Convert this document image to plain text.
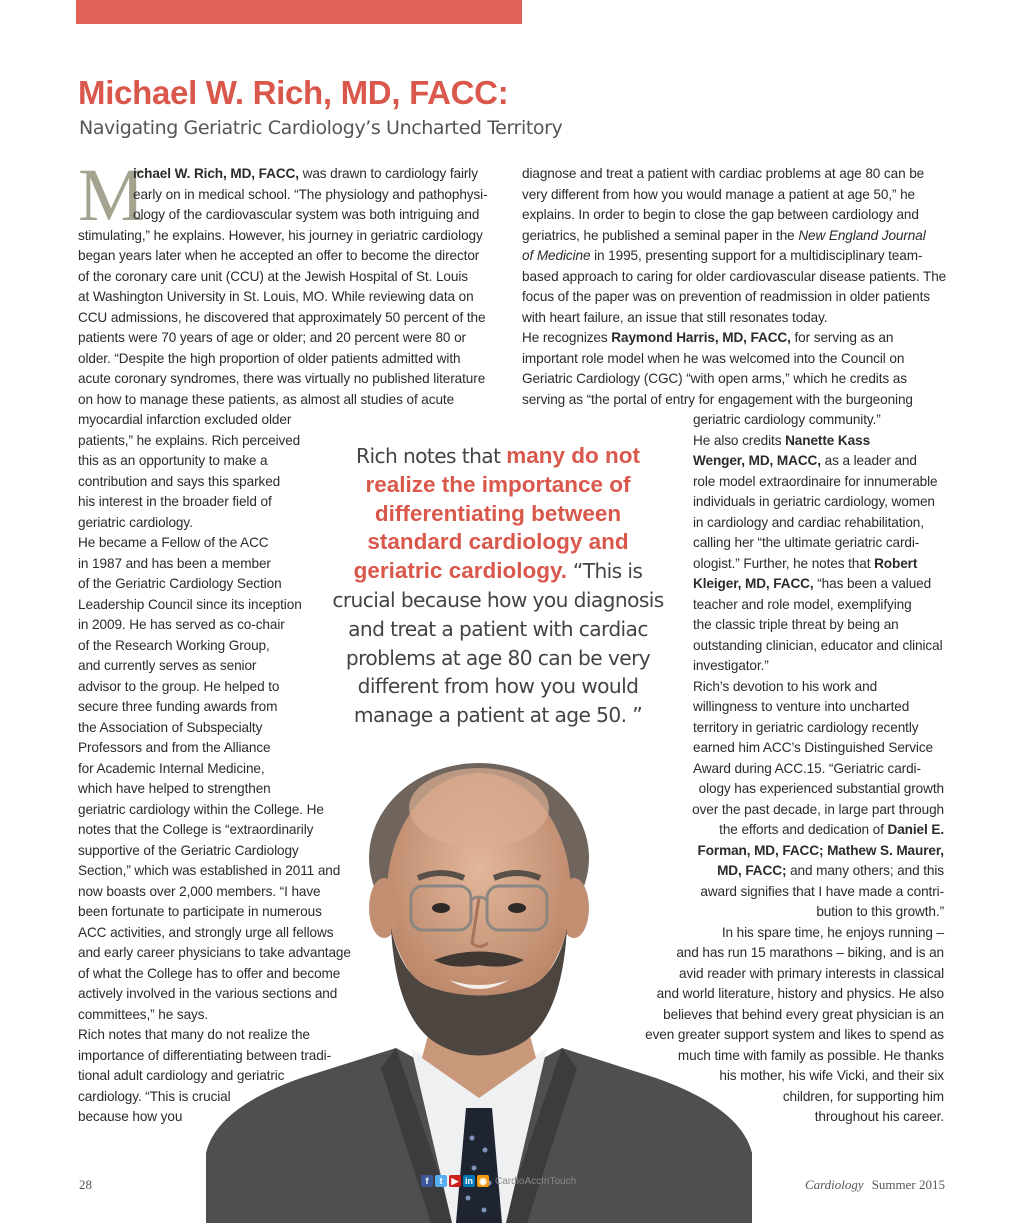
Michael W. Rich, MD, FACC:
Navigating Geriatric Cardiology’s Uncharted Territory
M
ichael W. Rich, MD, FACC, was drawn to cardiology fairly
early on in medical school. “The physiology and pathophysi-
ology of the cardiovascular system was both intriguing and
stimulating,” he explains. However, his journey in geriatric cardiology
began years later when he accepted an offer to become the director
of the coronary care unit (CCU) at the Jewish Hospital of St. Louis
at Washington University in St. Louis, MO. While reviewing data on
CCU admissions, he discovered that approximately 50 percent of the
patients were 70 years of age or older; and 20 percent were 80 or
older. “Despite the high proportion of older patients admitted with
acute coronary syndromes, there was virtually no published literature
on how to manage these patients, as almost all studies of acute
myocardial infarction excluded older
patients,” he explains. Rich perceived
this as an opportunity to make a
contribution and says this sparked
his interest in the broader field of
geriatric cardiology.
He became a Fellow of the ACC
in 1987 and has been a member
of the Geriatric Cardiology Section
Leadership Council since its inception
in 2009. He has served as co-chair
of the Research Working Group,
and currently serves as senior
advisor to the group. He helped to
secure three funding awards from
the Association of Subspecialty
Professors and from the Alliance
for Academic Internal Medicine,
which have helped to strengthen
geriatric cardiology within the College. He
notes that the College is “extraordinarily
supportive of the Geriatric Cardiology
Section,” which was established in 2011 and
now boasts over 2,000 members. “I have
been fortunate to participate in numerous
ACC activities, and strongly urge all fellows
and early career physicians to take advantage
of what the College has to offer and become
actively involved in the various sections and
committees,” he says.
Rich notes that many do not realize the
importance of differentiating between tradi-
tional adult cardiology and geriatric
cardiology. “This is crucial
because how you
diagnose and treat a patient with cardiac problems at age 80 can be
very different from how you would manage a patient at age 50,” he
explains. In order to begin to close the gap between cardiology and
geriatrics, he published a seminal paper in the New England Journal
of Medicine in 1995, presenting support for a multidisciplinary team-
based approach to caring for older cardiovascular disease patients. The
focus of the paper was on prevention of readmission in older patients
with heart failure, an issue that still resonates today.
He recognizes Raymond Harris, MD, FACC, for serving as an
important role model when he was welcomed into the Council on
Geriatric Cardiology (CGC) “with open arms,” which he credits as
serving as “the portal of entry for engagement with the burgeoning
geriatric cardiology community.”
He also credits Nanette Kass
Wenger, MD, MACC, as a leader and
role model extraordinaire for innumerable
individuals in geriatric cardiology, women
in cardiology and cardiac rehabilitation,
calling her “the ultimate geriatric cardi-
ologist.” Further, he notes that Robert
Kleiger, MD, FACC, “has been a valued
teacher and role model, exemplifying
the classic triple threat by being an
outstanding clinician, educator and clinical
investigator.”
Rich’s devotion to his work and
willingness to venture into uncharted
territory in geriatric cardiology recently
earned him ACC’s Distinguished Service
Award during ACC.15. “Geriatric cardi-
ology has experienced substantial growth
over the past decade, in large part through
the efforts and dedication of Daniel E.
Forman, MD, FACC; Mathew S. Maurer,
MD, FACC; and many others; and this
award signifies that I have made a contri-
bution to this growth.”
In his spare time, he enjoys running –
and has run 15 marathons – biking, and is an
avid reader with primary interests in classical
and world literature, history and physics. He also
believes that behind every great physician is an
even greater support system and likes to spend as
much time with family as possible. He thanks
his mother, his wife Vicki, and their six
children, for supporting him
throughout his career.
Rich notes that many do not
realize the importance of
differentiating between
standard cardiology and
geriatric cardiology. “This is
crucial because how you diagnosis
and treat a patient with cardiac
problems at age 80 can be very
different from how you would
manage a patient at age 50. ”
28	f	t	▶ in ◉ CardioAccInTouch	Cardiology Summer 2015
